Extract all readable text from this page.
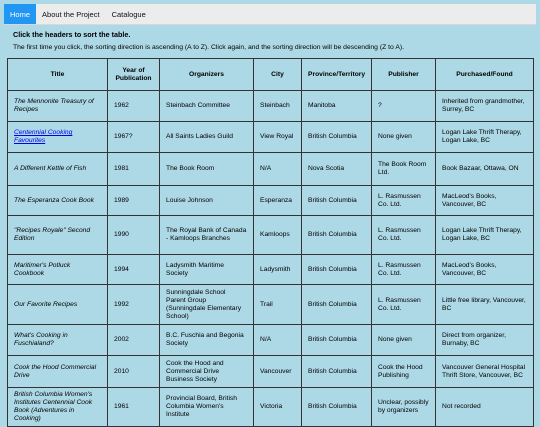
Home	About the Project	Catalogue

Click the headers to sort the table.

The first time you click, the sorting direction is ascending (A to Z). Click again, and the sorting direction will be descending (Z to A).

Title	Year of Publication	Organizers	City	Province/Territory	Publisher	Purchased/Found
The Mennonite Treasury of Recipes	1962	Steinbach Committee	Steinbach	Manitoba	?	Inherited from grandmother, Surrey, BC
Centennial Cooking Favourites	1967?	All Saints Ladies Guild	View Royal	British Columbia	None given	Logan Lake Thrift Therapy, Logan Lake, BC
A Different Kettle of Fish	1981	The Book Room	N/A	Nova Scotia	The Book Room Ltd.	Book Bazaar, Ottawa, ON
The Esperanza Cook Book	1989	Louise Johnson	Esperanza	British Columbia	L. Rasmussen Co. Ltd.	MacLeod's Books, Vancouver, BC
"Recipes Royale" Second Edition	1990	The Royal Bank of Canada - Kamloops Branches	Kamloops	British Columbia	L. Rasmussen Co. Ltd.	Logan Lake Thrift Therapy, Logan Lake, BC
Maritimer's Potluck Cookbook	1994	Ladysmith Maritime Society	Ladysmith	British Columbia	L. Rasmussen Co. Ltd.	MacLeod's Books, Vancouver, BC
Our Favorite Recipes	1992	Sunningdale School Parent Group (Sunningdale Elementary School)	Trail	British Columbia	L. Rasmussen Co. Ltd.	Little free library, Vancouver, BC
What's Cooking in Fuschialand?	2002	B.C. Fuschia and Begonia Society	N/A	British Columbia	None given	Direct from organizer, Burnaby, BC
Cook the Hood Commercial Drive	2010	Cook the Hood and Commercial Drive Business Society	Vancouver	British Columbia	Cook the Hood Publishing	Vancouver General Hospital Thrift Store, Vancouver, BC
British Columbia Women's Institutes Centennial Cook Book (Adventures in Cooking)	1961	Provincial Board, British Columbia Women's Institute	Victoria	British Columbia	Unclear, possibly by organizers	Not recorded
